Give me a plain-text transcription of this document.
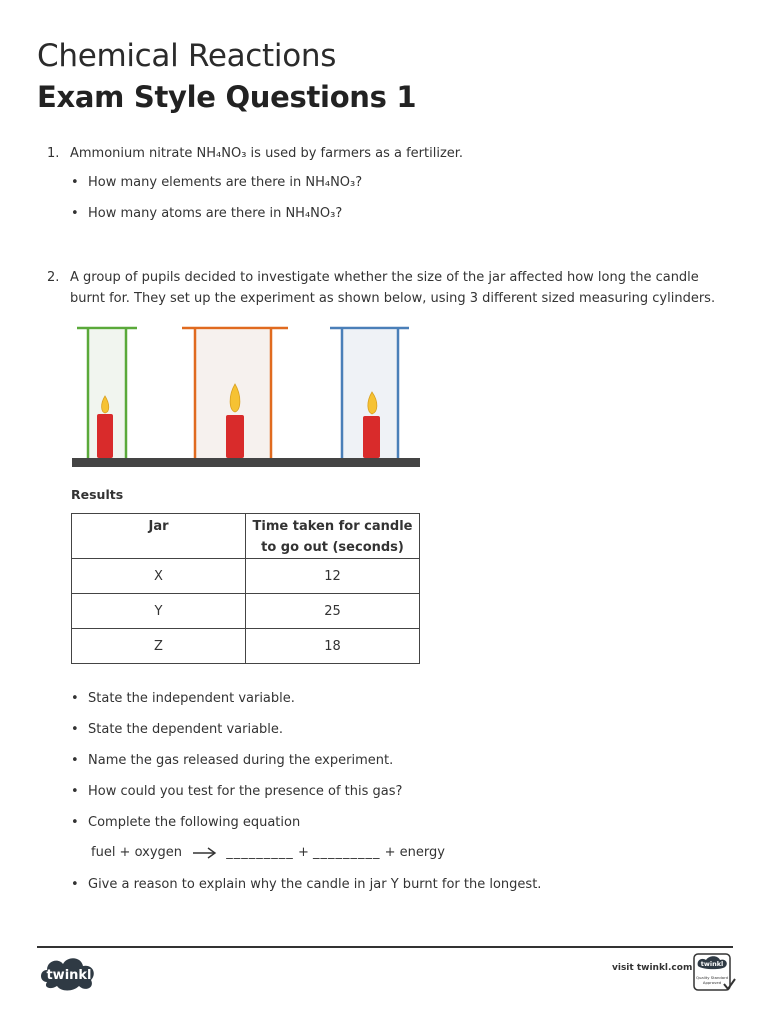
Chemical Reactions
Exam Style Questions 1
1. Ammonium nitrate NH₄NO₃ is used by farmers as a fertilizer.
• How many elements are there in NH₄NO₃?
• How many atoms are there in NH₄NO₃?
2. A group of pupils decided to investigate whether the size of the jar affected how long the candle
burnt for. They set up the experiment as shown below, using 3 different sized measuring cylinders.
Results
Jar	Time taken for candle
to go out (seconds)
X	12
Y	25
Z	18
• State the independent variable.
• State the dependent variable.
• Name the gas released during the experiment.
• How could you test for the presence of this gas?
• Complete the following equation
fuel + oxygen	_________ + _________ + energy
• Give a reason to explain why the candle in jar Y burnt for the longest.
twinkl	visit twinkl.com twinkl
Quality Standard
Approved
